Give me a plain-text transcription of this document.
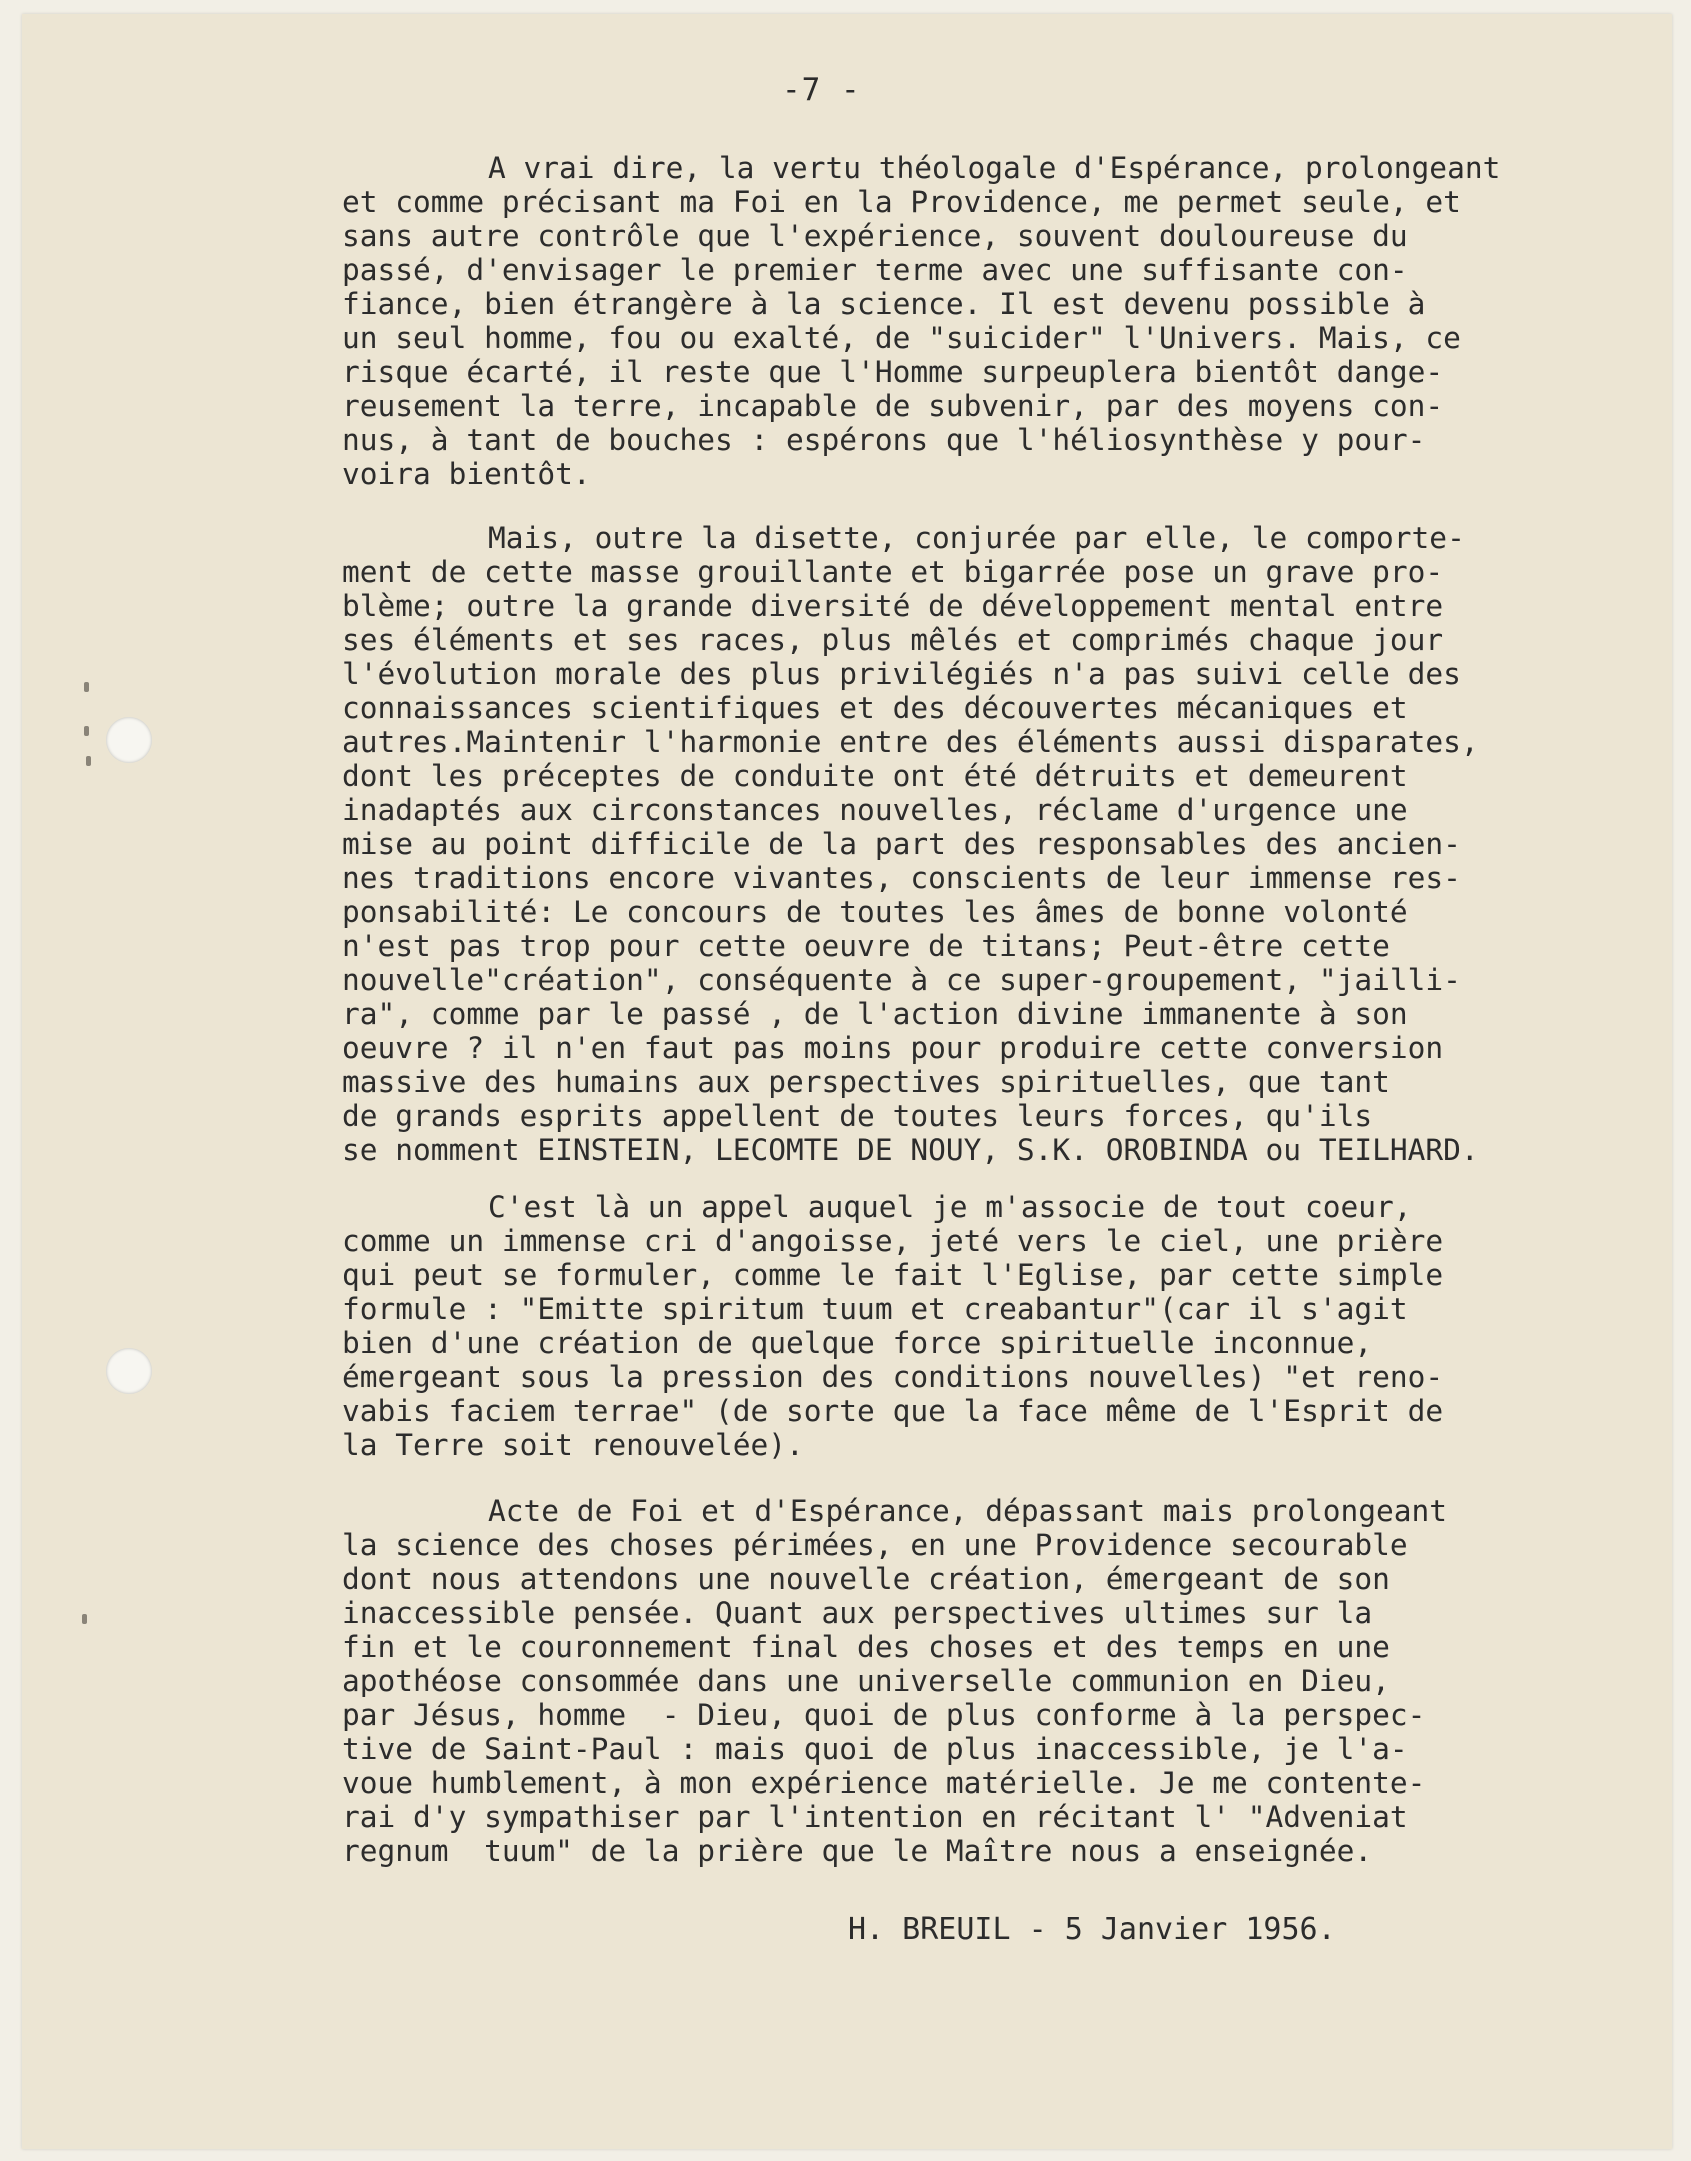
-7 -
A vrai dire, la vertu théologale d'Espérance, prolongeant
et comme précisant ma Foi en la Providence, me permet seule, et
sans autre contrôle que l'expérience, souvent douloureuse du
passé, d'envisager le premier terme avec une suffisante con-
fiance, bien étrangère à la science. Il est devenu possible à
un seul homme, fou ou exalté, de "suicider" l'Univers. Mais, ce
risque écarté, il reste que l'Homme surpeuplera bientôt dange-
reusement la terre, incapable de subvenir, par des moyens con-
nus, à tant de bouches : espérons que l'héliosynthèse y pour-
voira bientôt.
Mais, outre la disette, conjurée par elle, le comporte-
ment de cette masse grouillante et bigarrée pose un grave pro-
blème; outre la grande diversité de développement mental entre
ses éléments et ses races, plus mêlés et comprimés chaque jour
l'évolution morale des plus privilégiés n'a pas suivi celle des
connaissances scientifiques et des découvertes mécaniques et
autres.Maintenir l'harmonie entre des éléments aussi disparates,
dont les préceptes de conduite ont été détruits et demeurent
inadaptés aux circonstances nouvelles, réclame d'urgence une
mise au point difficile de la part des responsables des ancien-
nes traditions encore vivantes, conscients de leur immense res-
ponsabilité: Le concours de toutes les âmes de bonne volonté
n'est pas trop pour cette oeuvre de titans; Peut-être cette
nouvelle"création", conséquente à ce super-groupement, "jailli-
ra", comme par le passé , de l'action divine immanente à son
oeuvre ? il n'en faut pas moins pour produire cette conversion
massive des humains aux perspectives spirituelles, que tant
de grands esprits appellent de toutes leurs forces, qu'ils
se nomment EINSTEIN, LECOMTE DE NOUY, S.K. OROBINDA ou TEILHARD.
C'est là un appel auquel je m'associe de tout coeur,
comme un immense cri d'angoisse, jeté vers le ciel, une prière
qui peut se formuler, comme le fait l'Eglise, par cette simple
formule : "Emitte spiritum tuum et creabantur"(car il s'agit
bien d'une création de quelque force spirituelle inconnue,
émergeant sous la pression des conditions nouvelles) "et reno-
vabis faciem terrae" (de sorte que la face même de l'Esprit de
la Terre soit renouvelée).
Acte de Foi et d'Espérance, dépassant mais prolongeant
la science des choses périmées, en une Providence secourable
dont nous attendons une nouvelle création, émergeant de son
inaccessible pensée. Quant aux perspectives ultimes sur la
fin et le couronnement final des choses et des temps en une
apothéose consommée dans une universelle communion en Dieu,
par Jésus, homme  - Dieu, quoi de plus conforme à la perspec-
tive de Saint-Paul : mais quoi de plus inaccessible, je l'a-
voue humblement, à mon expérience matérielle. Je me contente-
rai d'y sympathiser par l'intention en récitant l' "Adveniat
regnum  tuum" de la prière que le Maître nous a enseignée.
H. BREUIL - 5 Janvier 1956.
